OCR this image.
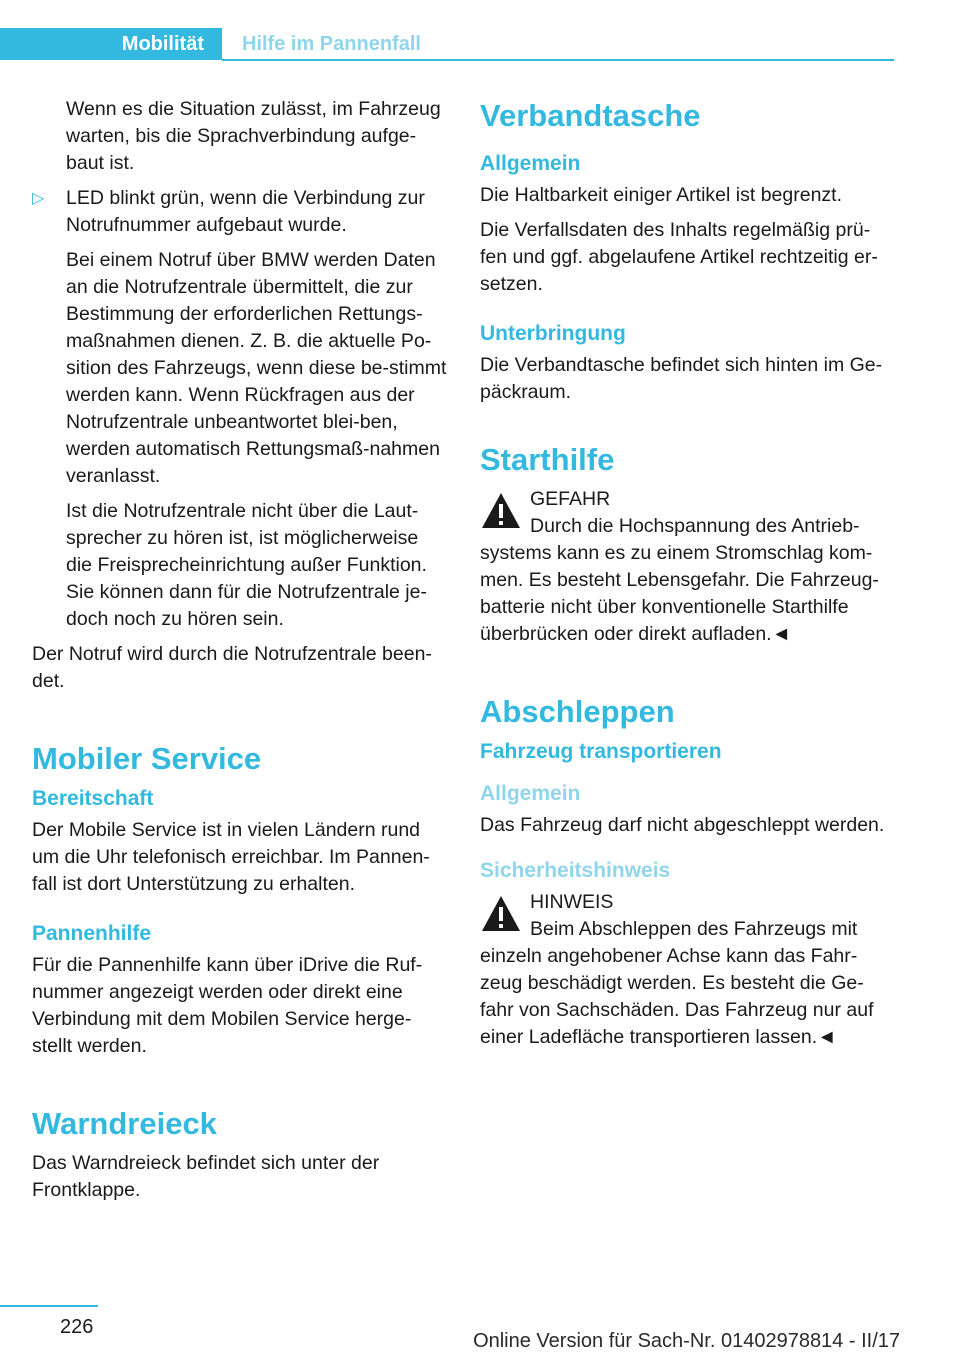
Mobilität	Hilfe im Pannenfall

Wenn es die Situation zulässt, im Fahrzeug warten, bis die Sprachverbindung aufge‐baut ist.

▷ LED blinkt grün, wenn die Verbindung zur Notrufnummer aufgebaut wurde.

Bei einem Notruf über BMW werden Daten an die Notrufzentrale übermittelt, die zur Bestimmung der erforderlichen Rettungs‐maßnahmen dienen. Z. B. die aktuelle Po‐sition des Fahrzeugs, wenn diese be‐stimmt werden kann. Wenn Rückfragen aus der Notrufzentrale unbeantwortet blei‐ben, werden automatisch Rettungsmaß‐nahmen veranlasst.

Ist die Notrufzentrale nicht über die Laut‐sprecher zu hören ist, ist möglicherweise die Freisprecheinrichtung außer Funktion. Sie können dann für die Notrufzentrale je‐doch noch zu hören sein.

Der Notruf wird durch die Notrufzentrale been‐det.

Mobiler Service
Bereitschaft

Der Mobile Service ist in vielen Ländern rund um die Uhr telefonisch erreichbar. Im Pannen‐fall ist dort Unterstützung zu erhalten.

Pannenhilfe

Für die Pannenhilfe kann über iDrive die Ruf‐nummer angezeigt werden oder direkt eine Verbindung mit dem Mobilen Service herge‐stellt werden.

Warndreieck

Das Warndreieck befindet sich unter der Frontklappe.

Verbandtasche
Allgemein

Die Haltbarkeit einiger Artikel ist begrenzt.

Die Verfallsdaten des Inhalts regelmäßig prü‐fen und ggf. abgelaufene Artikel rechtzeitig er‐setzen.

Unterbringung

Die Verbandtasche befindet sich hinten im Ge‐päckraum.

Starthilfe
GEFAHR

Durch die Hochspannung des Antrieb‐systems kann es zu einem Stromschlag kom‐men. Es besteht Lebensgefahr. Die Fahrzeug‐batterie nicht über konventionelle Starthilfe überbrücken oder direkt aufladen.◄

Abschleppen
Fahrzeug transportieren
Allgemein

Das Fahrzeug darf nicht abgeschleppt werden.

Sicherheitshinweis
HINWEIS

Beim Abschleppen des Fahrzeugs mit einzeln angehobener Achse kann das Fahr‐zeug beschädigt werden. Es besteht die Ge‐fahr von Sachschäden. Das Fahrzeug nur auf einer Ladefläche transportieren lassen.◄

226
Online Version für Sach-Nr. 01402978814 - II/17
